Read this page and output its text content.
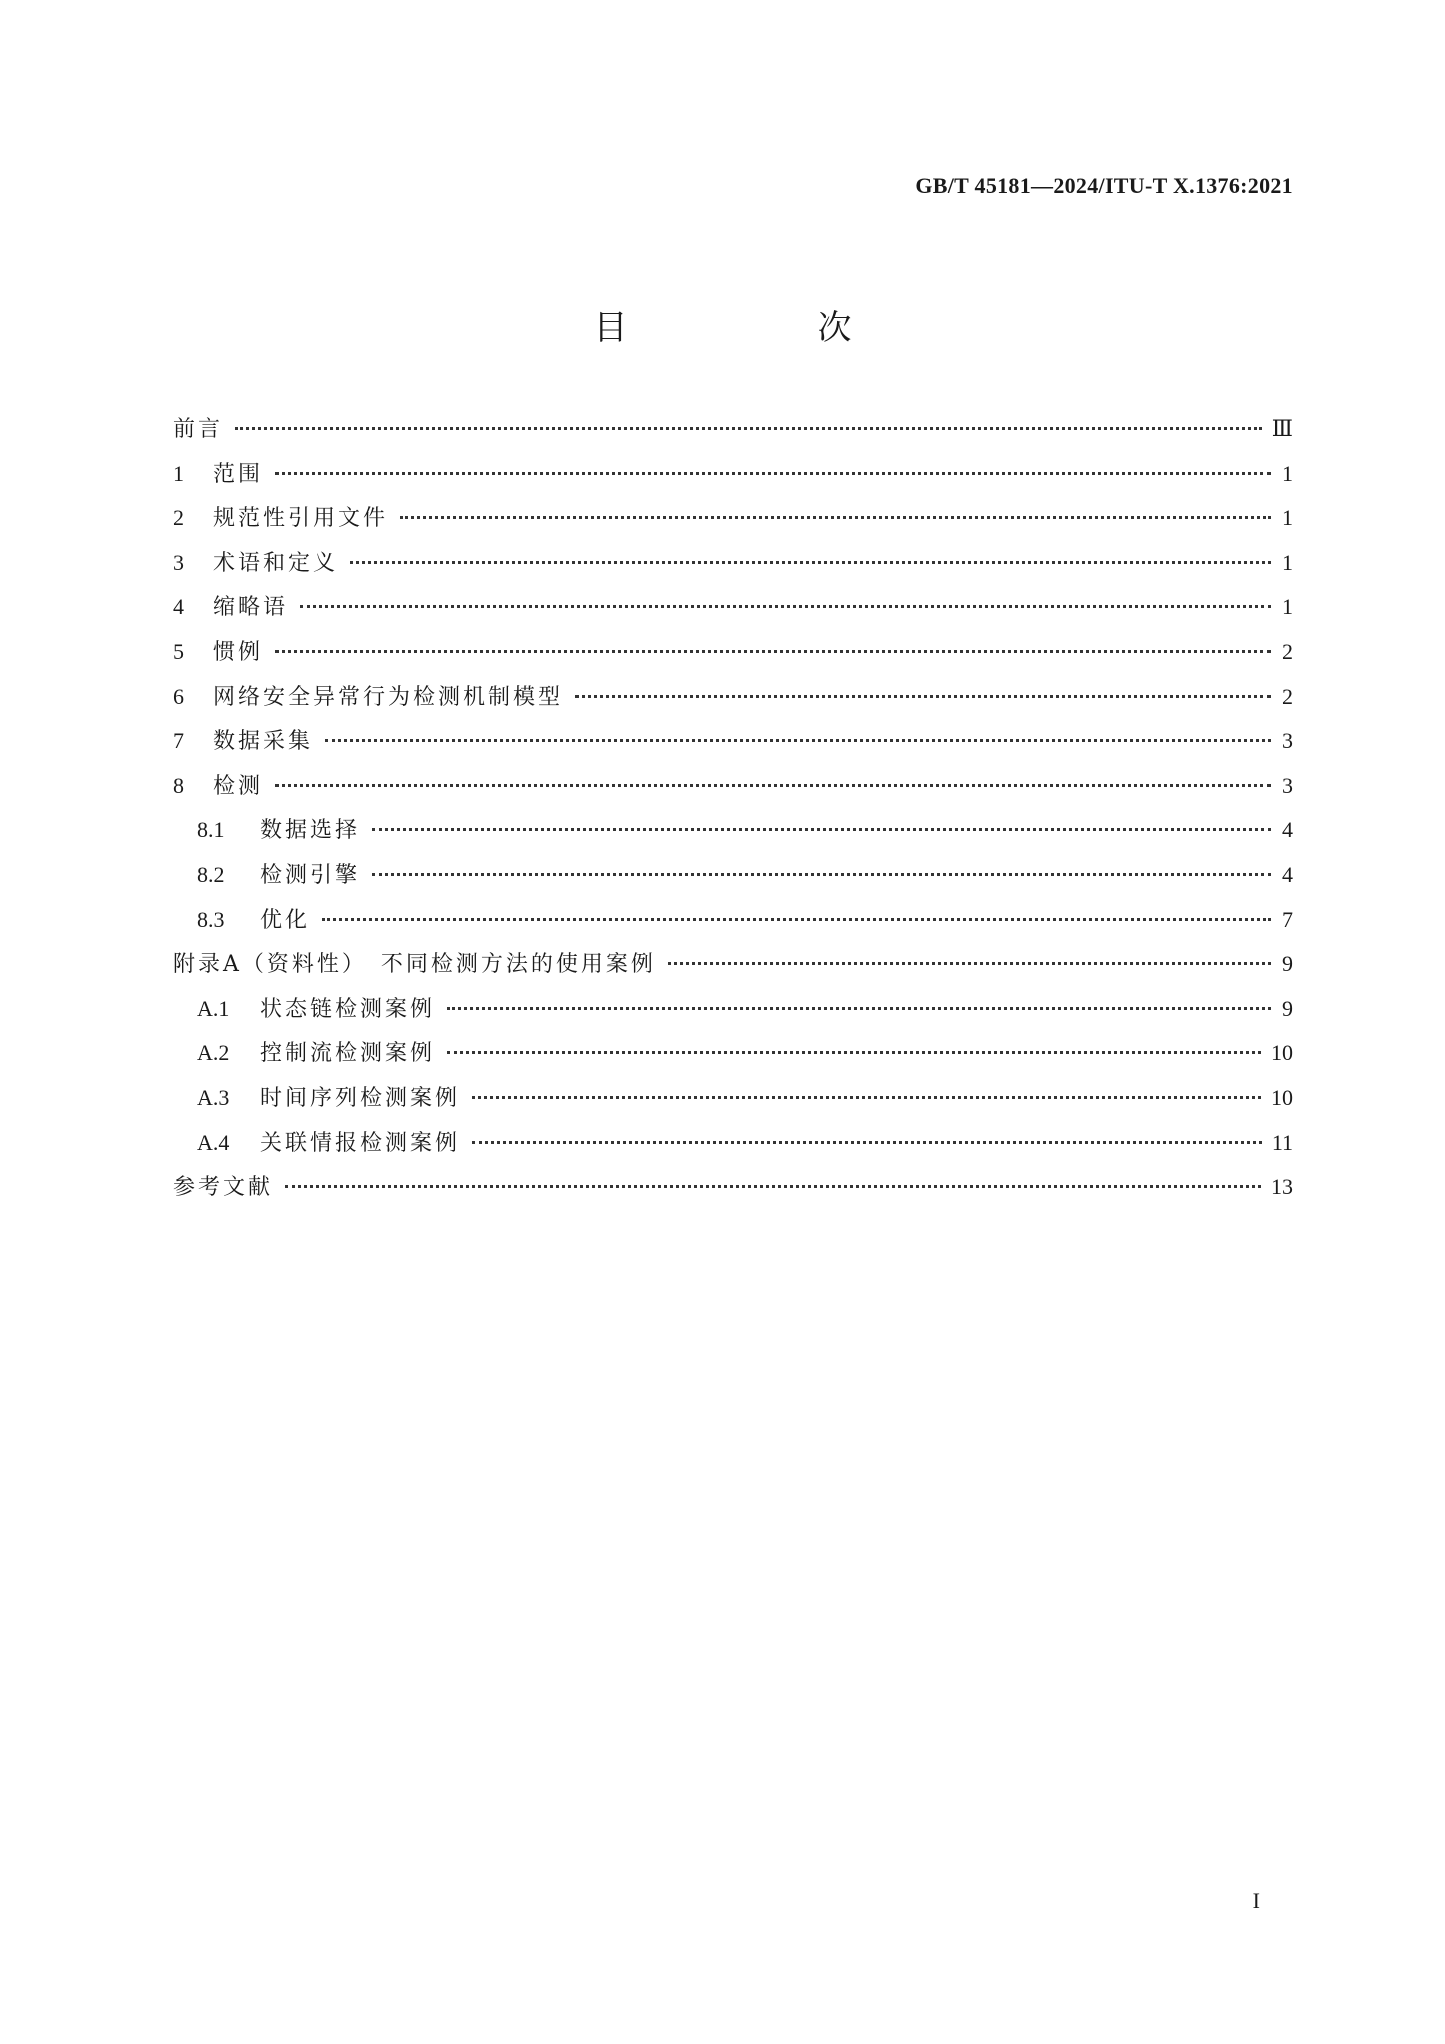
GB/T 45181—2024/ITU-T X.1376:2021
目　次
前言	Ⅲ
1	范围	1
2	规范性引用文件	1
3	术语和定义	1
4	缩略语	1
5	惯例	2
6	网络安全异常行为检测机制模型	2
7	数据采集	3
8	检测	3
8.1	数据选择	4
8.2	检测引擎	4
8.3	优化	7
附录A（资料性）　不同检测方法的使用案例	9
A.1	状态链检测案例	9
A.2	控制流检测案例	10
A.3	时间序列检测案例	10
A.4	关联情报检测案例	11
参考文献	13
I
